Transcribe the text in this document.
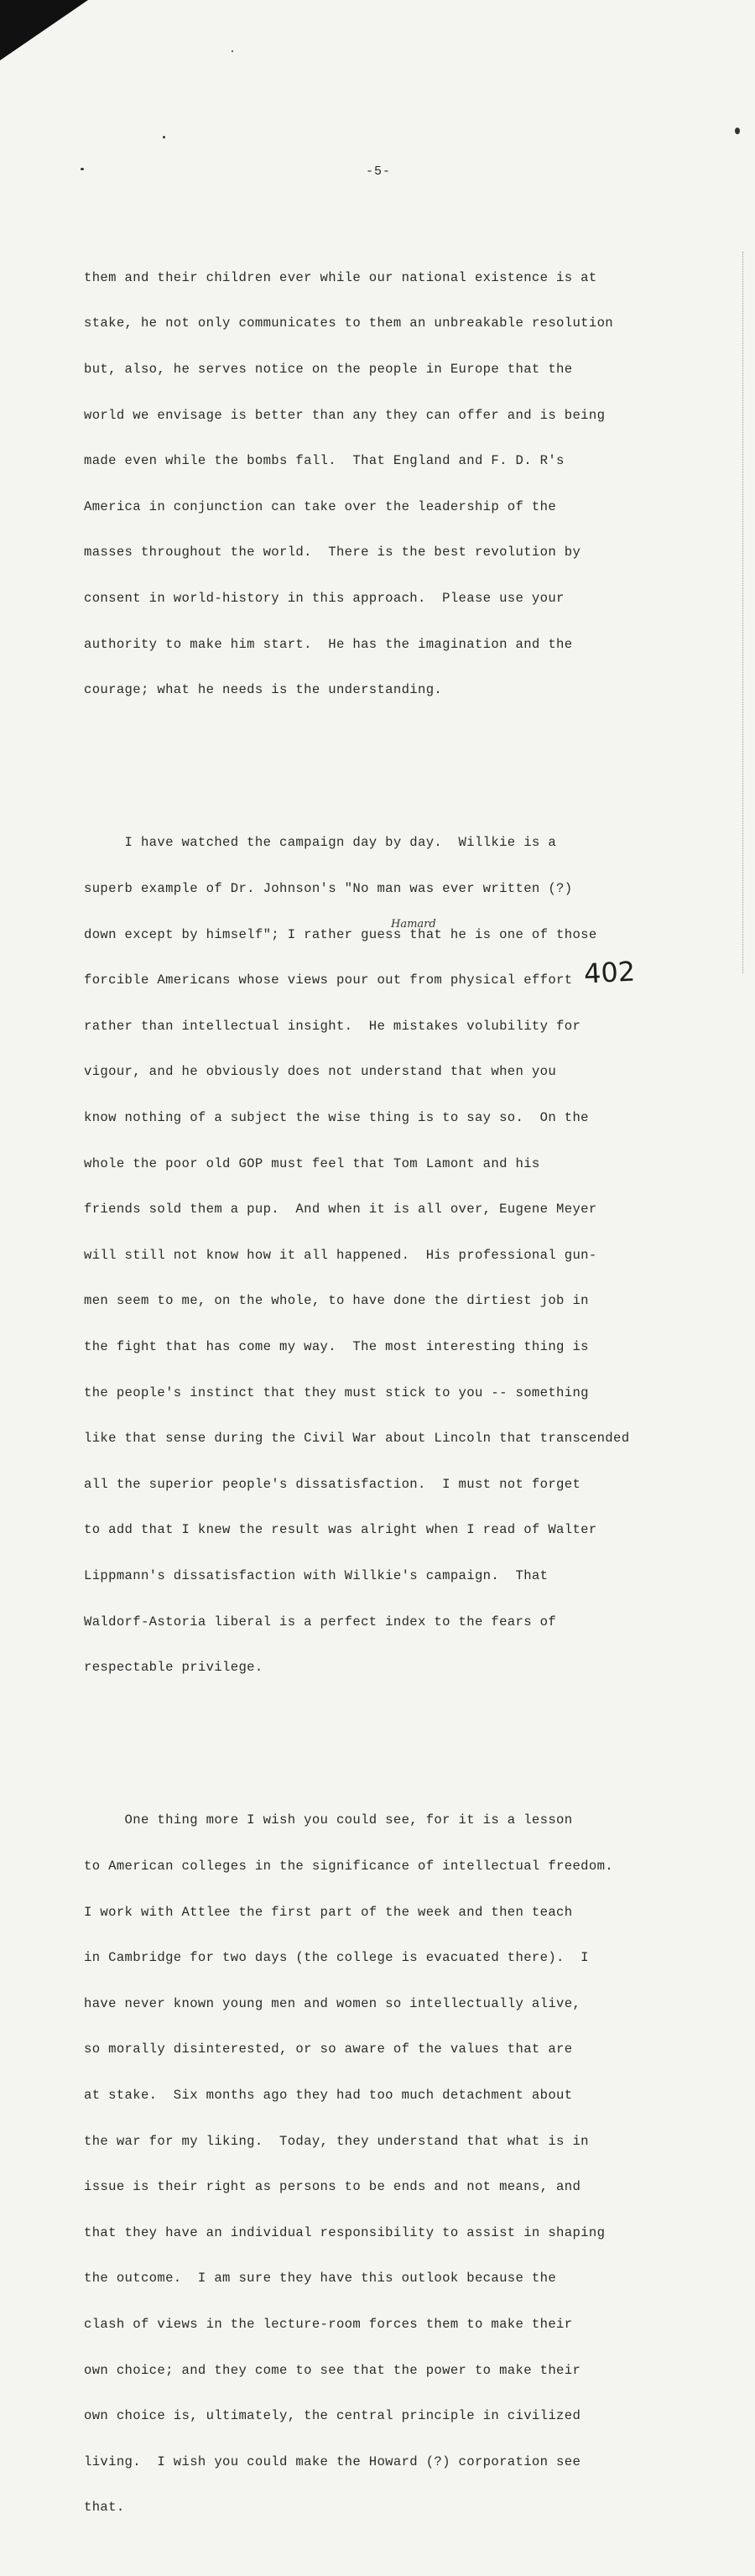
-5-

them and their children ever while our national existence is at

stake, he not only communicates to them an unbreakable resolution

but, also, he serves notice on the people in Europe that the

world we envisage is better than any they can offer and is being

made even while the bombs fall.  That England and F. D. R's

America in conjunction can take over the leadership of the

masses throughout the world.  There is the best revolution by

consent in world-history in this approach.  Please use your

authority to make him start.  He has the imagination and the

courage; what he needs is the understanding.

I have watched the campaign day by day.  Willkie is a

superb example of Dr. Johnson's "No man was ever written (?)

down except by himself"; I rather guess that he is one of those

forcible Americans whose views pour out from physical effort

rather than intellectual insight.  He mistakes volubility for

vigour, and he obviously does not understand that when you

know nothing of a subject the wise thing is to say so.  On the

whole the poor old GOP must feel that Tom Lamont and his

friends sold them a pup.  And when it is all over, Eugene Meyer

will still not know how it all happened.  His professional gun-

men seem to me, on the whole, to have done the dirtiest job in

the fight that has come my way.  The most interesting thing is

the people's instinct that they must stick to you -- something

like that sense during the Civil War about Lincoln that transcended

all the superior people's dissatisfaction.  I must not forget

to add that I knew the result was alright when I read of Walter

Lippmann's dissatisfaction with Willkie's campaign.  That

Waldorf-Astoria liberal is a perfect index to the fears of

respectable privilege.

One thing more I wish you could see, for it is a lesson

to American colleges in the significance of intellectual freedom.

I work with Attlee the first part of the week and then teach

in Cambridge for two days (the college is evacuated there).  I

have never known young men and women so intellectually alive,

so morally disinterested, or so aware of the values that are

at stake.  Six months ago they had too much detachment about

the war for my liking.  Today, they understand that what is in

issue is their right as persons to be ends and not means, and

that they have an individual responsibility to assist in shaping

the outcome.  I am sure they have this outlook because the

clash of views in the lecture-room forces them to make their

own choice; and they come to see that the power to make their

own choice is, ultimately, the central principle in civilized

living.  I wish you could make the Howard (?) corporation see

that.

Hamard
402
